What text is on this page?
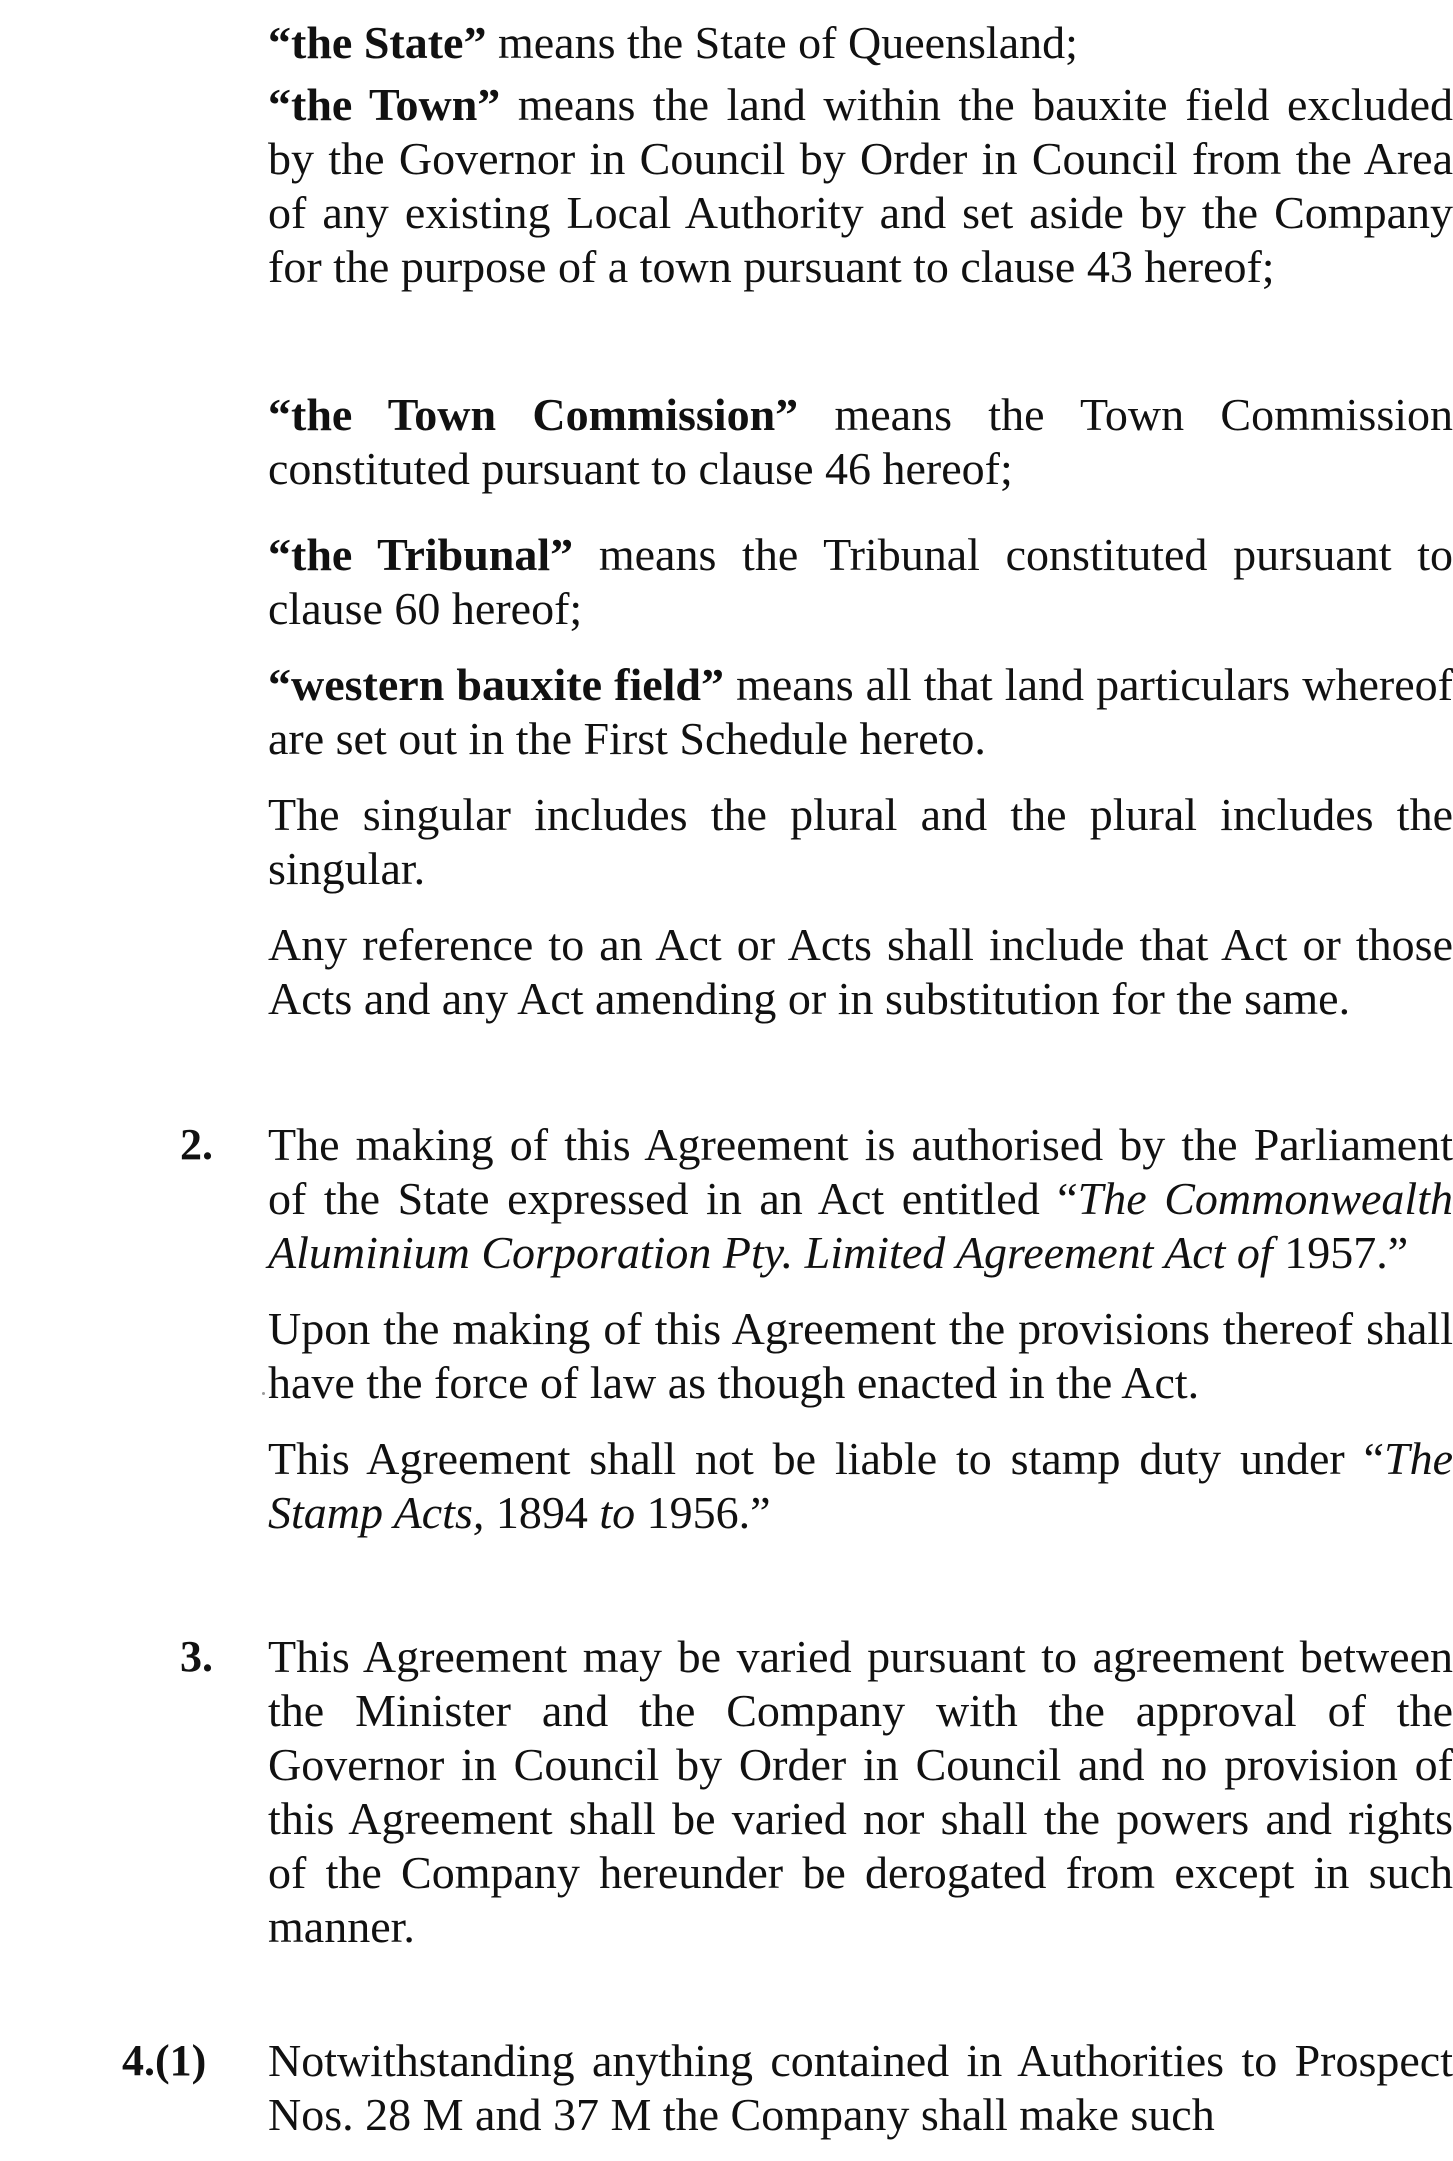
“the State” means the State of Queensland;

“the Town” means the land within the bauxite field excluded by the Governor in Council by Order in Council from the Area of any existing Local Authority and set aside by the Company for the purpose of a town pursuant to clause 43 hereof;

“the Town Commission” means the Town Commission constituted pursuant to clause 46 hereof;

“the Tribunal” means the Tribunal constituted pursuant to clause 60 hereof;

“western bauxite field” means all that land particulars whereof are set out in the First Schedule hereto.

The singular includes the plural and the plural includes the singular.

Any reference to an Act or Acts shall include that Act or those Acts and any Act amending or in substitution for the same.

2. The making of this Agreement is authorised by the Parliament of the State expressed in an Act entitled “The Commonwealth Aluminium Corporation Pty. Limited Agreement Act of 1957.”

Upon the making of this Agreement the provisions thereof shall have the force of law as though enacted in the Act.

This Agreement shall not be liable to stamp duty under “The Stamp Acts, 1894 to 1956.”

3. This Agreement may be varied pursuant to agreement between the Minister and the Company with the approval of the Governor in Council by Order in Council and no provision of this Agreement shall be varied nor shall the powers and rights of the Company hereunder be derogated from except in such manner.

4.(1) Notwithstanding anything contained in Authorities to Prospect Nos. 28 M and 37 M the Company shall make such
